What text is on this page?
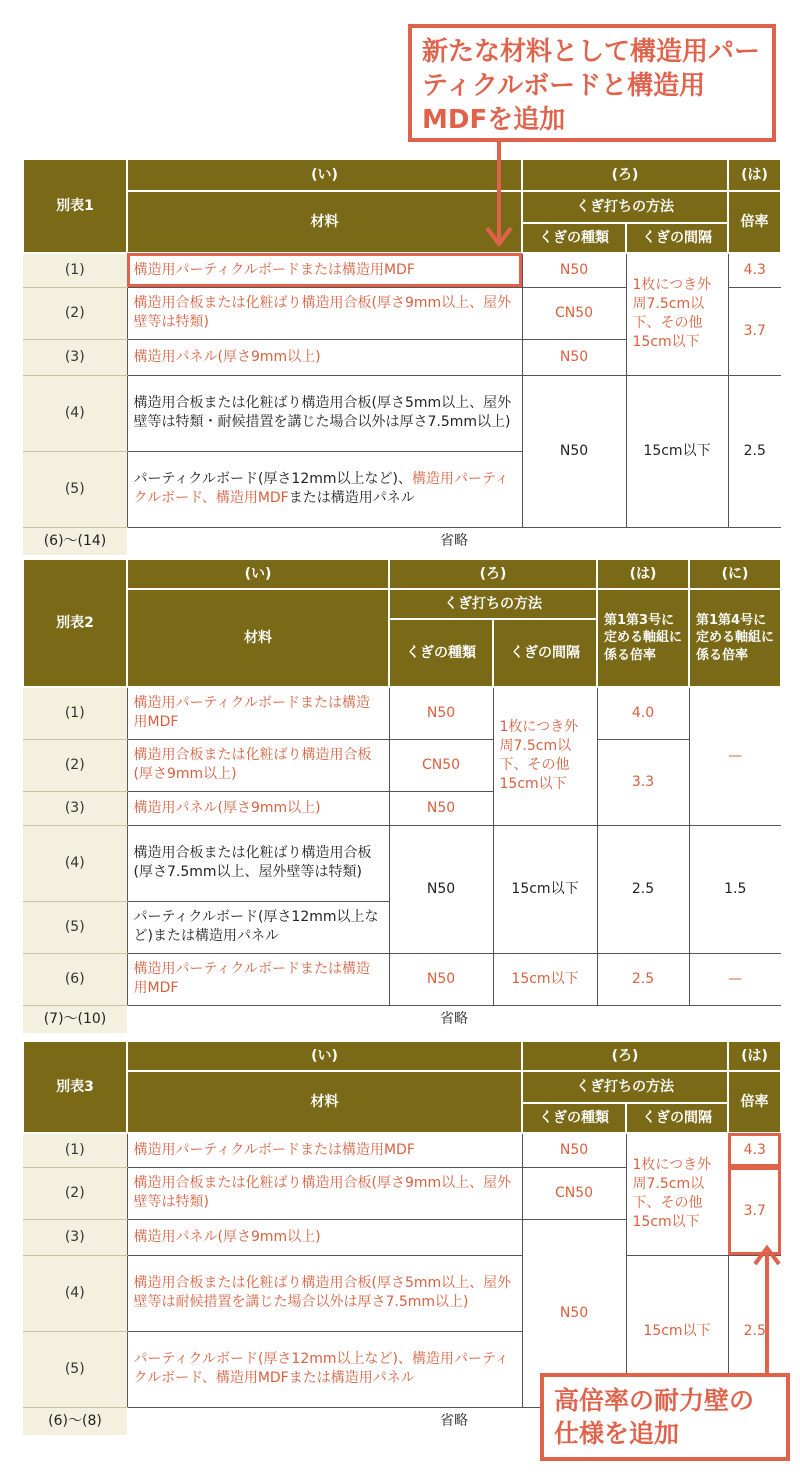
別表1	(い)	(ろ)		(は)
	材料	くぎ打ちの方法		倍率
		くぎの種類	くぎの間隔	
(1)	構造用パーティクルボードまたは構造用MDF	N50	1枚につき外周7.5cm以下、その他15cm以下	4.3
(2)	構造用合板または化粧ばり構造用合板(厚さ9mm以上、屋外壁等は特類)	CN50		3.7
(3)	構造用パネル(厚さ9mm以上)	N50		
(4)	構造用合板または化粧ばり構造用合板(厚さ5mm以上、屋外壁等は特類・耐候措置を講じた場合以外は厚さ7.5mm以上)	N50	15cm以下	2.5
(5)	パーティクルボード(厚さ12mm以上など)、構造用パーティクルボード、構造用MDFまたは構造用パネル			
(6)〜(14)	省略			
別表2	(い)	(ろ)		(は)	(に)
	材料	くぎ打ちの方法		第1第3号に定める軸組に係る倍率	第1第4号に定める軸組に係る倍率
		くぎの種類	くぎの間隔		
(1)	構造用パーティクルボードまたは構造用MDF	N50	1枚につき外周7.5cm以下、その他15cm以下	4.0	—
(2)	構造用合板または化粧ばり構造用合板(厚さ9mm以上)	CN50		3.3	
(3)	構造用パネル(厚さ9mm以上)	N50			
(4)	構造用合板または化粧ばり構造用合板(厚さ7.5mm以上、屋外壁等は特類)	N50	15cm以下	2.5	1.5
(5)	パーティクルボード(厚さ12mm以上など)または構造用パネル				
(6)	構造用パーティクルボードまたは構造用MDF	N50	15cm以下	2.5	—
(7)〜(10)	省略				
別表3	(い)	(ろ)		(は)
	材料	くぎ打ちの方法		倍率
		くぎの種類	くぎの間隔	
(1)	構造用パーティクルボードまたは構造用MDF	N50	1枚につき外周7.5cm以下、その他15cm以下	4.3
(2)	構造用合板または化粧ばり構造用合板(厚さ9mm以上、屋外壁等は特類)	CN50		3.7
(3)	構造用パネル(厚さ9mm以上)	N50		
(4)	構造用合板または化粧ばり構造用合板(厚さ5mm以上、屋外壁等は耐候措置を講じた場合以外は厚さ7.5mm以上)		15cm以下	2.5
(5)	パーティクルボード(厚さ12mm以上など)、構造用パーティクルボード、構造用MDFまたは構造用パネル			
(6)〜(8)	省略			
新たな材料として構造用パーティクルボードと構造用MDFを追加
高倍率の耐力壁の仕様を追加
